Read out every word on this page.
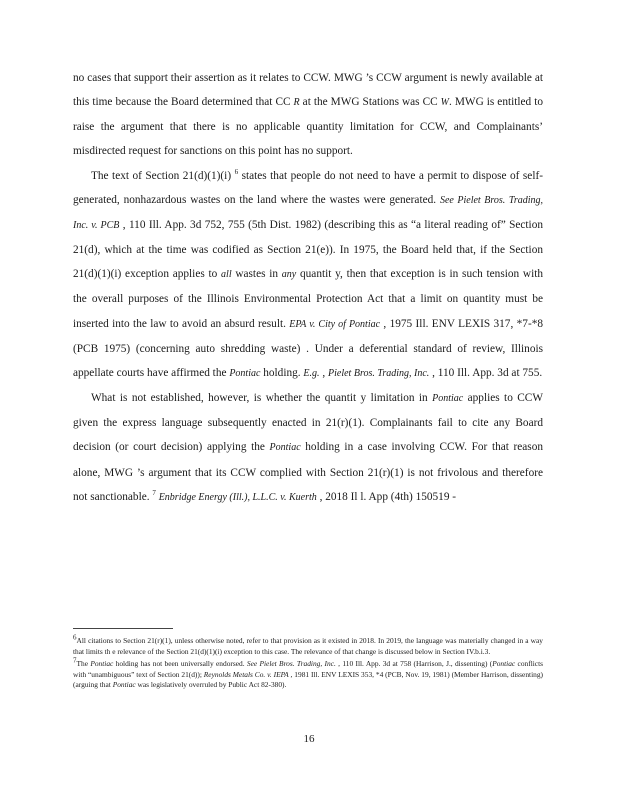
no cases that support their assertion as it relates to CCW. MWG ’s CCW argument is newly available at this time because the Board determined that CC R at the MWG Stations was CC W. MWG is entitled to raise the argument that there is no applicable quantity limitation for CCW, and Complainants’ misdirected request for sanctions on this point has no support.

The text of Section 21(d)(1)(i) $^6$ states that people do not need to have a permit to dispose of self-generated, nonhazardous wastes on the land where the wastes were generated. See Pielet Bros. Trading, Inc. v. PCB , 110 Ill. App. 3d 752, 755 (5th Dist. 1982) (describing this as “a literal reading of” Section 21(d), which at the time was codified as Section 21(e)). In 1975, the Board held that, if the Section 21(d)(1)(i) exception applies to all wastes in any quantit y, then that exception is in such tension with the overall purposes of the Illinois Environmental Protection Act that a limit on quantity must be inserted into the law to avoid an absurd result. EPA v. City of Pontiac , 1975 Ill. ENV LEXIS 317, *7-*8 (PCB 1975) (concerning auto shredding waste) . Under a deferential standard of review, Illinois appellate courts have affirmed the Pontiac holding. E.g. , Pielet Bros. Trading, Inc. , 110 Ill. App. 3d at 755.

What is not established, however, is whether the quantit y limitation in Pontiac applies to CCW given the express language subsequently enacted in 21(r)(1). Complainants fail to cite any Board decision (or court decision) applying the Pontiac holding in a case involving CCW. For that reason alone, MWG ’s argument that its CCW complied with Section 21(r)(1) is not frivolous and therefore not sanctionable. $^7$ Enbridge Energy (Ill.), L.L.C. v. Kuerth , 2018 Il l. App (4th) 150519 -

$^6$All citations to Section 21(r)(1), unless otherwise noted, refer to that provision as it existed in 2018. In 2019, the language was materially changed in a way that limits th e relevance of the Section 21(d)(1)(i) exception to this case. The relevance of that change is discussed below in Section IV.b.i.3.

$^7$The Pontiac holding has not been universally endorsed. See Pielet Bros. Trading, Inc. , 110 Ill. App. 3d at 758 (Harrison, J., dissenting) (Pontiac conflicts with “unambiguous” text of Section 21(d)); Reynolds Metals Co. v. IEPA , 1981 Ill. ENV LEXIS 353, *4 (PCB, Nov. 19, 1981) (Member Harrison, dissenting) (arguing that Pontiac was legislatively overruled by Public Act 82-380).

16
